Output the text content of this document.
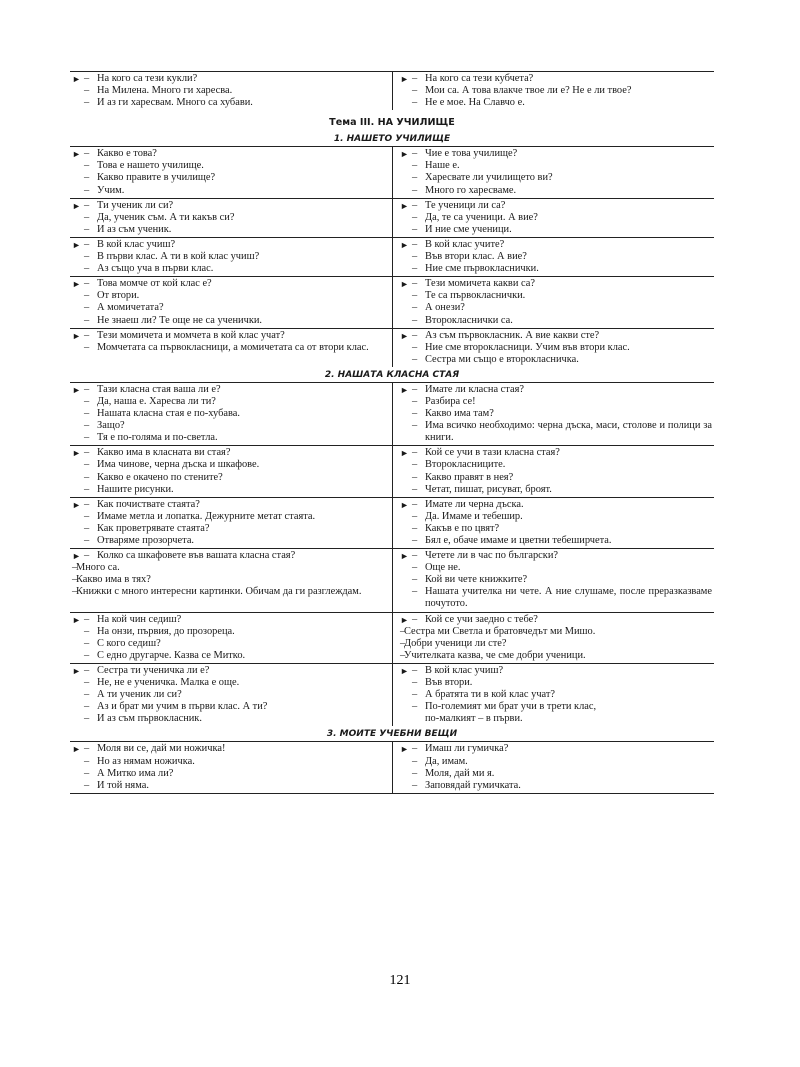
► – На кого са тези кукли?
– На Милена. Много ги харесва.
– И аз ги харесвам. Много са хубави.
► – На кого са тези кубчета?
– Мои са. А това влакче твое ли е? Не е ли твое?
– Не е мое. На Славчо е.
Тема III. НА УЧИЛИЩЕ
1. НАШЕТО УЧИЛИЩЕ
► – Какво е това?
– Това е нашето училище.
– Какво правите в училище?
– Учим.
► – Чие е това училище?
– Наше е.
– Харесвате ли училището ви?
– Много го харесваме.
► – Ти ученик ли си?
– Да, ученик съм. А ти какъв си?
– И аз съм ученик.
► – Те ученици ли са?
– Да, те са ученици. А вие?
– И ние сме ученици.
► – В кой клас учиш?
– В първи клас. А ти в кой клас учиш?
– Аз също уча в първи клас.
► – В кой клас учите?
– Във втори клас. А вие?
– Ние сме първокласнички.
► – Това момче от кой клас е?
– От втори.
– А момичетата?
– Не знаеш ли? Те още не са ученички.
► – Тези момичета какви са?
– Те са първокласнички.
– А онези?
– Второкласнички са.
► – Тези момичета и момчета в кой клас учат?
– Момчетата са първокласници, а момичетата са от втори клас.
► – Аз съм първокласник. А вие какви сте?
– Ние сме второкласници. Учим във втори клас.
– Сестра ми също е второкласничка.
2. НАШАТА КЛАСНА СТАЯ
► – Тази класна стая ваша ли е?
– Да, наша е. Харесва ли ти?
– Нашата класна стая е по-хубава.
– Защо?
– Тя е по-голяма и по-светла.
► – Имате ли класна стая?
– Разбира се!
– Какво има там?
– Има всичко необходимо: черна дъска, маси, столове и полици за книги.
► – Какво има в класната ви стая?
– Има чинове, черна дъска и шкафове.
– Какво е окачено по стените?
– Нашите рисунки.
► – Кой се учи в тази класна стая?
– Второкласниците.
– Какво правят в нея?
– Четат, пишат, рисуват, броят.
► – Как почиствате стаята?
– Имаме метла и лопатка. Дежурните метат стаята.
– Как проветрявате стаята?
– Отваряме прозорчета.
► – Имате ли черна дъска.
– Да. Имаме и тебешир.
– Какъв е по цвят?
– Бял е, обаче имаме и цветни тебеширчета.
► – Колко са шкафовете във вашата класна стая?
–
Много са.
–
Какво има в тях?
–
Книжки с много интересни картинки. Обичам да ги разглеждам.
► – Четете ли в час по български?
– Още не.
– Кой ви чете книжките?
– Нашата учителка ни чете. А ние слушаме, после преразказваме почутото.
► – На кой чин седиш?
– На онзи, първия, до прозореца.
– С кого седиш?
– С едно другарче. Казва се Митко.
► – Кой се учи заедно с тебе?
–
Сестра ми Светла и братовчедът ми Мишо.
–
Добри ученици ли сте?
–
Учителката казва, че сме добри ученици.
► – Сестра ти ученичка ли е?
– Не, не е ученичка. Малка е още.
– А ти ученик ли си?
– Аз и брат ми учим в първи клас. А ти?
– И аз съм първокласник.
► – В кой клас учиш?
– Във втори.
– А братята ти в кой клас учат?
– По-големият ми брат учи в трети клас,
по-малкият – в първи.
3. МОИТЕ УЧЕБНИ ВЕЩИ
► – Моля ви се, дай ми ножичка!
– Но аз нямам ножичка.
– А Митко има ли?
– И той няма.
► – Имаш ли гумичка?
– Да, имам.
– Моля, дай ми я.
– Заповядай гумичката.
121
